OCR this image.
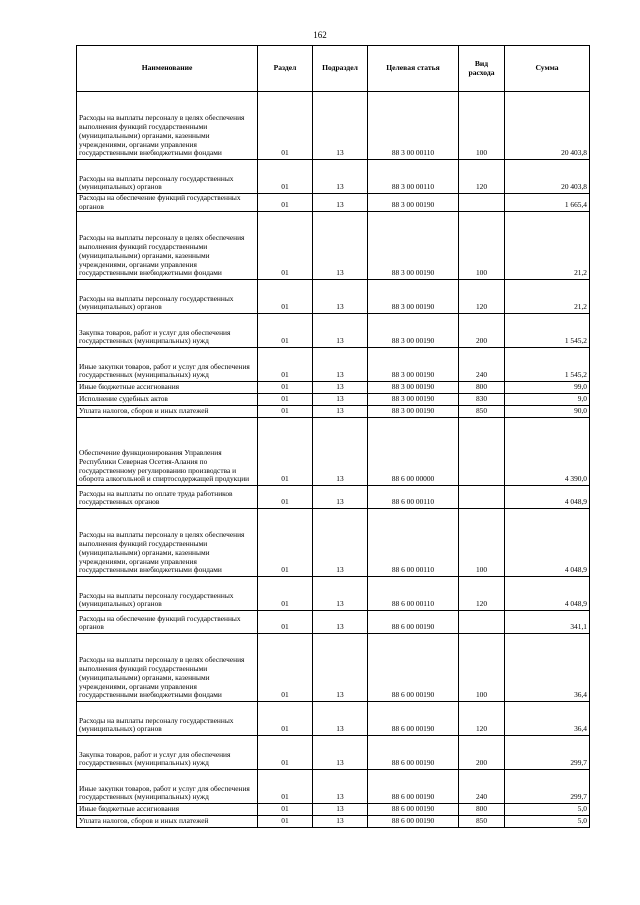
162
Наименование	Раздел	Подраздел	Целевая статья	Вид расхода	Сумма

Расходы на выплаты персоналу в целях обеспечения выполнения функций государственными (муниципальными) органами, казенными учреждениями, органами управления государственными внебюджетными фондами	01	13	88 3 00 00110	100	20 403,8

Расходы на выплаты персоналу государственных (муниципальных) органов	01	13	88 3 00 00110	120	20 403,8

Расходы на обеспечение функций государственных органов	01	13	88 3 00 00190		1 665,4

Расходы на выплаты персоналу в целях обеспечения выполнения функций государственными (муниципальными) органами, казенными учреждениями, органами управления государственными внебюджетными фондами	01	13	88 3 00 00190	100	21,2

Расходы на выплаты персоналу государственных (муниципальных) органов	01	13	88 3 00 00190	120	21,2

Закупка товаров, работ и услуг для обеспечения государственных (муниципальных) нужд	01	13	88 3 00 00190	200	1 545,2

Иные закупки товаров, работ и услуг для обеспечения государственных (муниципальных) нужд	01	13	88 3 00 00190	240	1 545,2

Иные бюджетные ассигнования	01	13	88 3 00 00190	800	99,0

Исполнение судебных актов	01	13	88 3 00 00190	830	9,0

Уплата налогов, сборов и иных платежей	01	13	88 3 00 00190	850	90,0

Обеспечение функционирования Управления Республики Северная Осетия-Алания по государственному регулированию производства и оборота алкогольной и спиртосодержащей продукции	01	13	88 6 00 00000		4 390,0

Расходы на выплаты по оплате труда работников государственных органов	01	13	88 6 00 00110		4 048,9

Расходы на выплаты персоналу в целях обеспечения выполнения функций государственными (муниципальными) органами, казенными учреждениями, органами управления государственными внебюджетными фондами	01	13	88 6 00 00110	100	4 048,9

Расходы на выплаты персоналу государственных (муниципальных) органов	01	13	88 6 00 00110	120	4 048,9

Расходы на обеспечение функций государственных органов	01	13	88 6 00 00190		341,1

Расходы на выплаты персоналу в целях обеспечения выполнения функций государственными (муниципальными) органами, казенными учреждениями, органами управления государственными внебюджетными фондами	01	13	88 6 00 00190	100	36,4

Расходы на выплаты персоналу государственных (муниципальных) органов	01	13	88 6 00 00190	120	36,4

Закупка товаров, работ и услуг для обеспечения государственных (муниципальных) нужд	01	13	88 6 00 00190	200	299,7

Иные закупки товаров, работ и услуг для обеспечения государственных (муниципальных) нужд	01	13	88 6 00 00190	240	299,7

Иные бюджетные ассигнования	01	13	88 6 00 00190	800	5,0

Уплата налогов, сборов и иных платежей	01	13	88 6 00 00190	850	5,0
